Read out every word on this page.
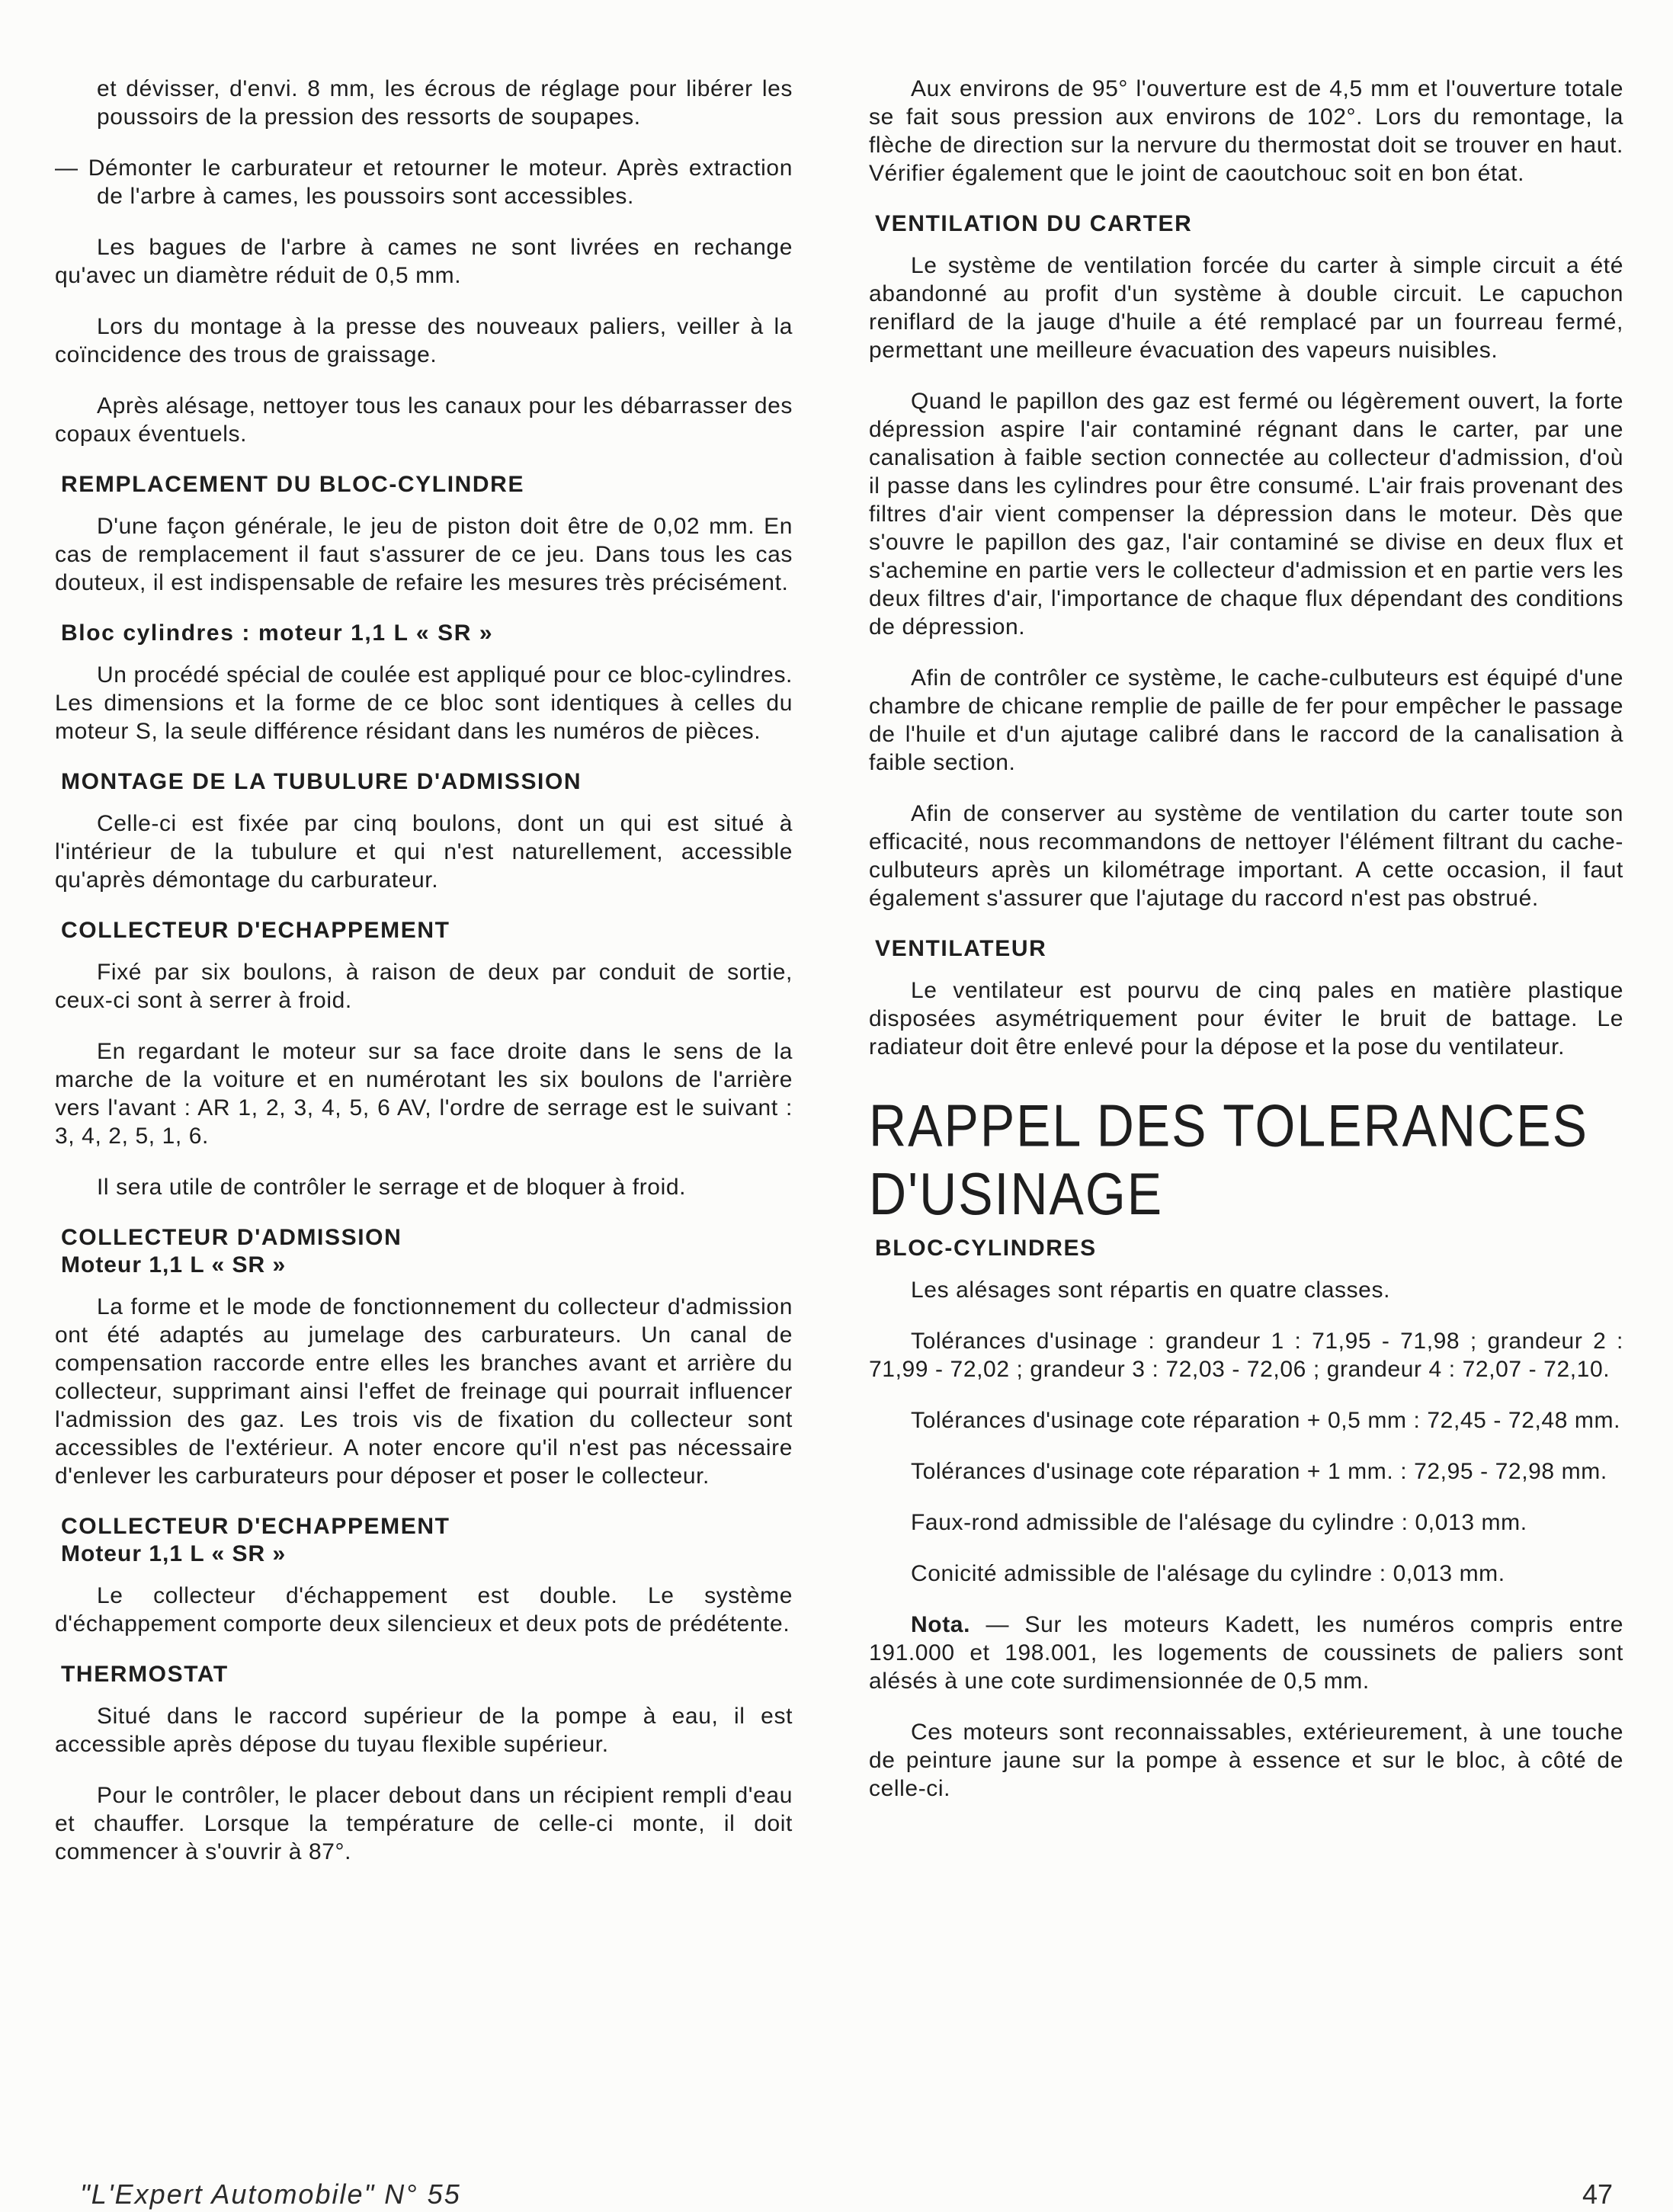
et dévisser, d'envi. 8 mm, les écrous de réglage pour libérer les poussoirs de la pression des ressorts de soupapes.

— Démonter le carburateur et retourner le moteur. Après extraction de l'arbre à cames, les poussoirs sont accessibles.

Les bagues de l'arbre à cames ne sont livrées en rechange qu'avec un diamètre réduit de 0,5 mm.

Lors du montage à la presse des nouveaux paliers, veiller à la coïncidence des trous de graissage.

Après alésage, nettoyer tous les canaux pour les débarrasser des copaux éventuels.

REMPLACEMENT DU BLOC-CYLINDRE

D'une façon générale, le jeu de piston doit être de 0,02 mm. En cas de remplacement il faut s'assurer de ce jeu. Dans tous les cas douteux, il est indispensable de refaire les mesures très précisément.

Bloc cylindres : moteur 1,1 L « SR »

Un procédé spécial de coulée est appliqué pour ce bloc-cylindres. Les dimensions et la forme de ce bloc sont identiques à celles du moteur S, la seule différence résidant dans les numéros de pièces.

MONTAGE DE LA TUBULURE D'ADMISSION

Celle-ci est fixée par cinq boulons, dont un qui est situé à l'intérieur de la tubulure et qui n'est naturellement, accessible qu'après démontage du carburateur.

COLLECTEUR D'ECHAPPEMENT

Fixé par six boulons, à raison de deux par conduit de sortie, ceux-ci sont à serrer à froid.

En regardant le moteur sur sa face droite dans le sens de la marche de la voiture et en numérotant les six boulons de l'arrière vers l'avant : AR 1, 2, 3, 4, 5, 6 AV, l'ordre de serrage est le suivant : 3, 4, 2, 5, 1, 6.

Il sera utile de contrôler le serrage et de bloquer à froid.

COLLECTEUR D'ADMISSION
Moteur 1,1 L « SR »

La forme et le mode de fonctionnement du collecteur d'admission ont été adaptés au jumelage des carburateurs. Un canal de compensation raccorde entre elles les branches avant et arrière du collecteur, supprimant ainsi l'effet de freinage qui pourrait influencer l'admission des gaz. Les trois vis de fixation du collecteur sont accessibles de l'extérieur. A noter encore qu'il n'est pas nécessaire d'enlever les carburateurs pour déposer et poser le collecteur.

COLLECTEUR D'ECHAPPEMENT
Moteur 1,1 L « SR »

Le collecteur d'échappement est double. Le système d'échappement comporte deux silencieux et deux pots de prédétente.

THERMOSTAT

Situé dans le raccord supérieur de la pompe à eau, il est accessible après dépose du tuyau flexible supérieur.

Pour le contrôler, le placer debout dans un récipient rempli d'eau et chauffer. Lorsque la température de celle-ci monte, il doit commencer à s'ouvrir à 87°.

Aux environs de 95° l'ouverture est de 4,5 mm et l'ouverture totale se fait sous pression aux environs de 102°. Lors du remontage, la flèche de direction sur la nervure du thermostat doit se trouver en haut. Vérifier également que le joint de caoutchouc soit en bon état.

VENTILATION DU CARTER

Le système de ventilation forcée du carter à simple circuit a été abandonné au profit d'un système à double circuit. Le capuchon reniflard de la jauge d'huile a été remplacé par un fourreau fermé, permettant une meilleure évacuation des vapeurs nuisibles.

Quand le papillon des gaz est fermé ou légèrement ouvert, la forte dépression aspire l'air contaminé régnant dans le carter, par une canalisation à faible section connectée au collecteur d'admission, d'où il passe dans les cylindres pour être consumé. L'air frais provenant des filtres d'air vient compenser la dépression dans le moteur. Dès que s'ouvre le papillon des gaz, l'air contaminé se divise en deux flux et s'achemine en partie vers le collecteur d'admission et en partie vers les deux filtres d'air, l'importance de chaque flux dépendant des conditions de dépression.

Afin de contrôler ce système, le cache-culbuteurs est équipé d'une chambre de chicane remplie de paille de fer pour empêcher le passage de l'huile et d'un ajutage calibré dans le raccord de la canalisation à faible section.

Afin de conserver au système de ventilation du carter toute son efficacité, nous recommandons de nettoyer l'élément filtrant du cache-culbuteurs après un kilométrage important. A cette occasion, il faut également s'assurer que l'ajutage du raccord n'est pas obstrué.

VENTILATEUR

Le ventilateur est pourvu de cinq pales en matière plastique disposées asymétriquement pour éviter le bruit de battage. Le radiateur doit être enlevé pour la dépose et la pose du ventilateur.

RAPPEL DES TOLERANCES
D'USINAGE
BLOC-CYLINDRES

Les alésages sont répartis en quatre classes.

Tolérances d'usinage : grandeur 1 : 71,95 - 71,98 ; grandeur 2 : 71,99 - 72,02 ; grandeur 3 : 72,03 - 72,06 ; grandeur 4 : 72,07 - 72,10.

Tolérances d'usinage cote réparation + 0,5 mm : 72,45 - 72,48 mm.

Tolérances d'usinage cote réparation + 1 mm. : 72,95 - 72,98 mm.

Faux-rond admissible de l'alésage du cylindre : 0,013 mm.

Conicité admissible de l'alésage du cylindre : 0,013 mm.

Nota. — Sur les moteurs Kadett, les numéros compris entre 191.000 et 198.001, les logements de coussinets de paliers sont alésés à une cote surdimensionnée de 0,5 mm.

Ces moteurs sont reconnaissables, extérieurement, à une touche de peinture jaune sur la pompe à essence et sur le bloc, à côté de celle-ci.

"L'Expert Automobile" N° 55	47
